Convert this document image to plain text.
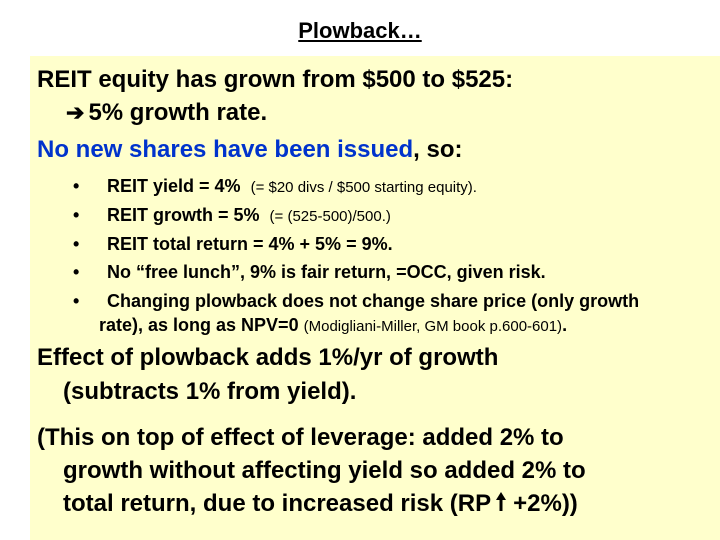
Plowback…
REIT equity has grown from $500 to $525:
➔ 5% growth rate.
No new shares have been issued, so:
• REIT yield = 4% (= $20 divs / $500 starting equity).
• REIT growth = 5% (= (525-500)/500.)
• REIT total return = 4% + 5% = 9%.
• No “free lunch”, 9% is fair return, =OCC, given risk.
• Changing plowback does not change share price (only growth
rate), as long as NPV=0 (Modigliani-Miller, GM book p.600-601).
Effect of plowback adds 1%/yr of growth
(subtracts 1% from yield).
(This on top of effect of leverage: added 2% to
growth without affecting yield so added 2% to
total return, due to increased risk (RP +2%))
